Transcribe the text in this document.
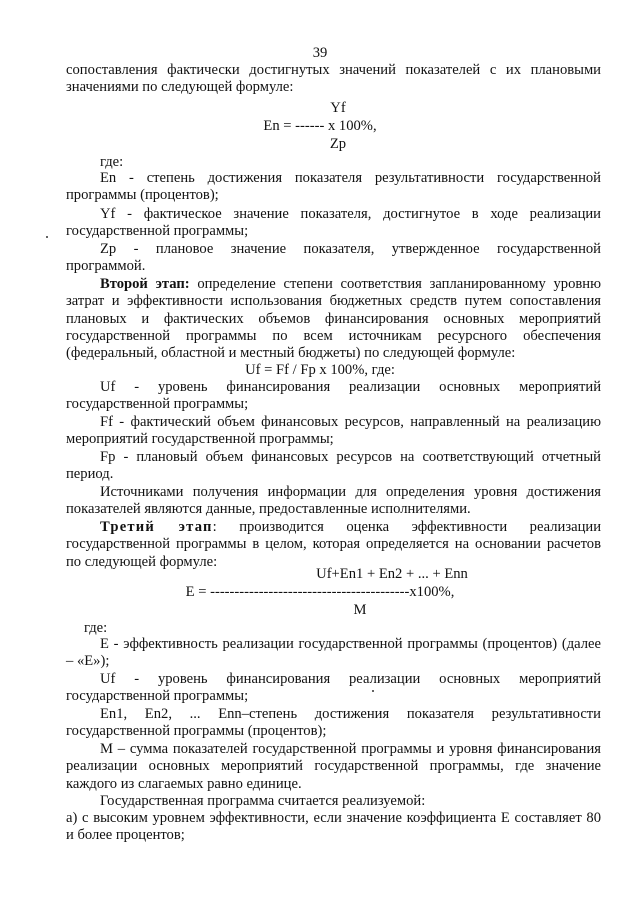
39
сопоставления фактически достигнутых значений показателей с их плановыми значениями по следующей формуле:
Yf
En = ------ x 100%,
Zp
где:
En - степень достижения показателя результативности государственной программы (процентов);
Yf - фактическое значение показателя, достигнутое в ходе реализации государственной программы;
Zp - плановое значение показателя, утвержденное государственной программой.
Второй этап: определение степени соответствия запланированному уровню затрат и эффективности использования бюджетных средств путем сопоставления плановых и фактических объемов финансирования основных мероприятий государственной программы по всем источникам ресурсного обеспечения (федеральный, областной и местный бюджеты) по следующей формуле:
Uf = Ff / Fp x 100%, где:
Uf - уровень финансирования реализации основных мероприятий государственной программы;
Ff - фактический объем финансовых ресурсов, направленный на реализацию мероприятий государственной программы;
Fp - плановый объем финансовых ресурсов на соответствующий отчетный период.
Источниками получения информации для определения уровня достижения показателей являются данные, предоставленные исполнителями.
Третий этап: производится оценка эффективности реализации государственной программы в целом, которая определяется на основании расчетов по следующей формуле:
Uf+En1 + En2 + ... + Enn
E = -----------------------------------------x100%,
M
где:
E - эффективность реализации государственной программы (процентов) (далее – «E»);
Uf - уровень финансирования реализации основных мероприятий государственной программы;
En1, En2, ... Enn–степень достижения показателя результативности государственной программы (процентов);
M – сумма показателей государственной программы и уровня финансирования реализации основных мероприятий государственной программы, где значение каждого из слагаемых равно единице.
Государственная программа считается реализуемой:
а) с высоким уровнем эффективности, если значение коэффициента E составляет 80 и более процентов;
